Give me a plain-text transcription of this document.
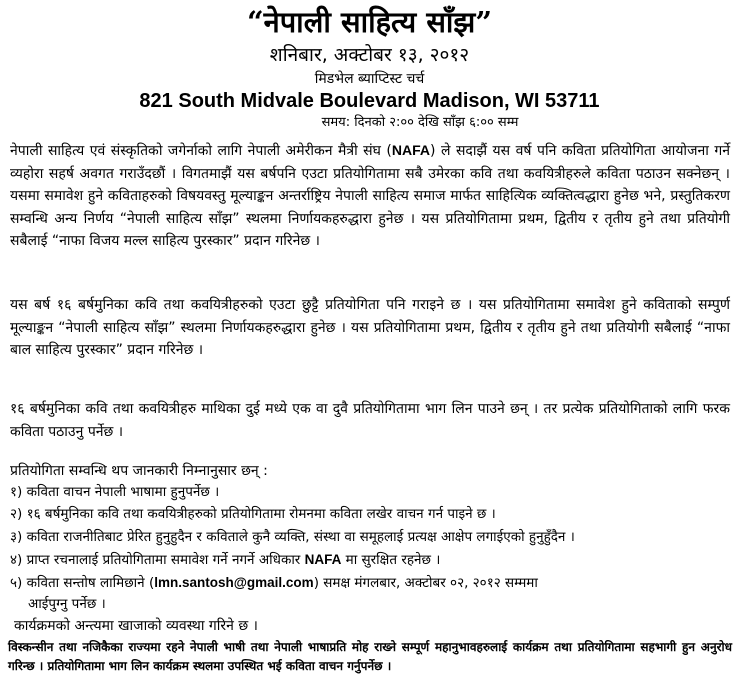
“नेपाली साहित्य साँझ”
शनिबार, अक्टोबर १३, २०१२
मिडभेल ब्याप्टिस्ट चर्च
821 South Midvale Boulevard Madison, WI 53711
समय: दिनको २:०० देखि साँझ ६:०० सम्म
नेपाली साहित्य एवं संस्कृतिको जगेर्नाको लागि नेपाली अमेरीकन मैत्री संघ (NAFA) ले सदाझैं यस वर्ष पनि कविता प्रतियोगिता आयोजना गर्ने व्यहोरा सहर्ष अवगत गराउँदछौं । विगतमाझैं यस बर्षपनि एउटा प्रतियोगितामा सबै उमेरका कवि तथा कवयित्रीहरुले कविता पठाउन सक्नेछन् । यसमा समावेश हुने कविताहरुको विषयवस्तु मूल्याङ्कन अन्तर्राष्ट्रिय नेपाली साहित्य समाज मार्फत साहित्यिक व्यक्तित्वद्धारा हुनेछ भने, प्रस्तुतिकरण सम्वन्धि अन्य निर्णय “नेपाली साहित्य साँझ” स्थलमा निर्णायकहरुद्धारा हुनेछ । यस प्रतियोगितामा प्रथम, द्वितीय र तृतीय हुने तथा प्रतियोगी सबैलाई “नाफा विजय मल्ल साहित्य पुरस्कार” प्रदान गरिनेछ ।
यस बर्ष १६ बर्षमुनिका कवि तथा कवयित्रीहरुको एउटा छुट्टै प्रतियोगिता पनि गराइने छ । यस प्रतियोगितामा समावेश हुने कविताको सम्पुर्ण मूल्याङ्कन “नेपाली साहित्य साँझ” स्थलमा निर्णायकहरुद्धारा हुनेछ । यस प्रतियोगितामा प्रथम, द्वितीय र तृतीय हुने तथा प्रतियोगी सबैलाई “नाफा बाल साहित्य पुरस्कार” प्रदान गरिनेछ ।
१६ बर्षमुनिका कवि तथा कवयित्रीहरु माथिका दुई मध्ये एक वा दुवै प्रतियोगितामा भाग लिन पाउने छन् । तर प्रत्येक प्रतियोगिताको लागि फरक कविता पठाउनु पर्नेछ ।
प्रतियोगिता सम्वन्धि थप जानकारी निम्नानुसार छन् :
१) कविता वाचन नेपाली भाषामा हुनुपर्नेछ ।
२) १६ बर्षमुनिका कवि तथा कवयित्रीहरुको प्रतियोगितामा रोमनमा कविता लखेर वाचन गर्न पाइने छ ।
३) कविता राजनीतिबाट प्रेरित हुनुहुदैन र कविताले कुनै व्यक्ति, संस्था वा समूहलाई प्रत्यक्ष आक्षेप लगाईएको हुनुहुँदैन ।
४) प्राप्त रचनालाई प्रतियोगितामा समावेश गर्ने नगर्ने अधिकार NAFA मा सुरक्षित रहनेछ ।
५) कविता सन्तोष लामिछाने (lmn.santosh@gmail.com) समक्ष मंगलबार, अक्टोबर ०२, २०१२ सम्ममा
आईपुग्नु पर्नेछ ।
कार्यक्रमको अन्त्यमा खाजाको व्यवस्था गरिने छ ।
विस्कन्सीन तथा नजिकैका राज्यमा रहने नेपाली भाषी तथा नेपाली भाषाप्रति मोह राख्ने सम्पूर्ण महानुभावहरुलाई कार्यक्रम तथा प्रतियोगितामा सहभागी हुन अनुरोध गरिन्छ । प्रतियोगितामा भाग लिन कार्यक्रम स्थलमा उपस्थित भई कविता वाचन गर्नुपर्नेछ ।
